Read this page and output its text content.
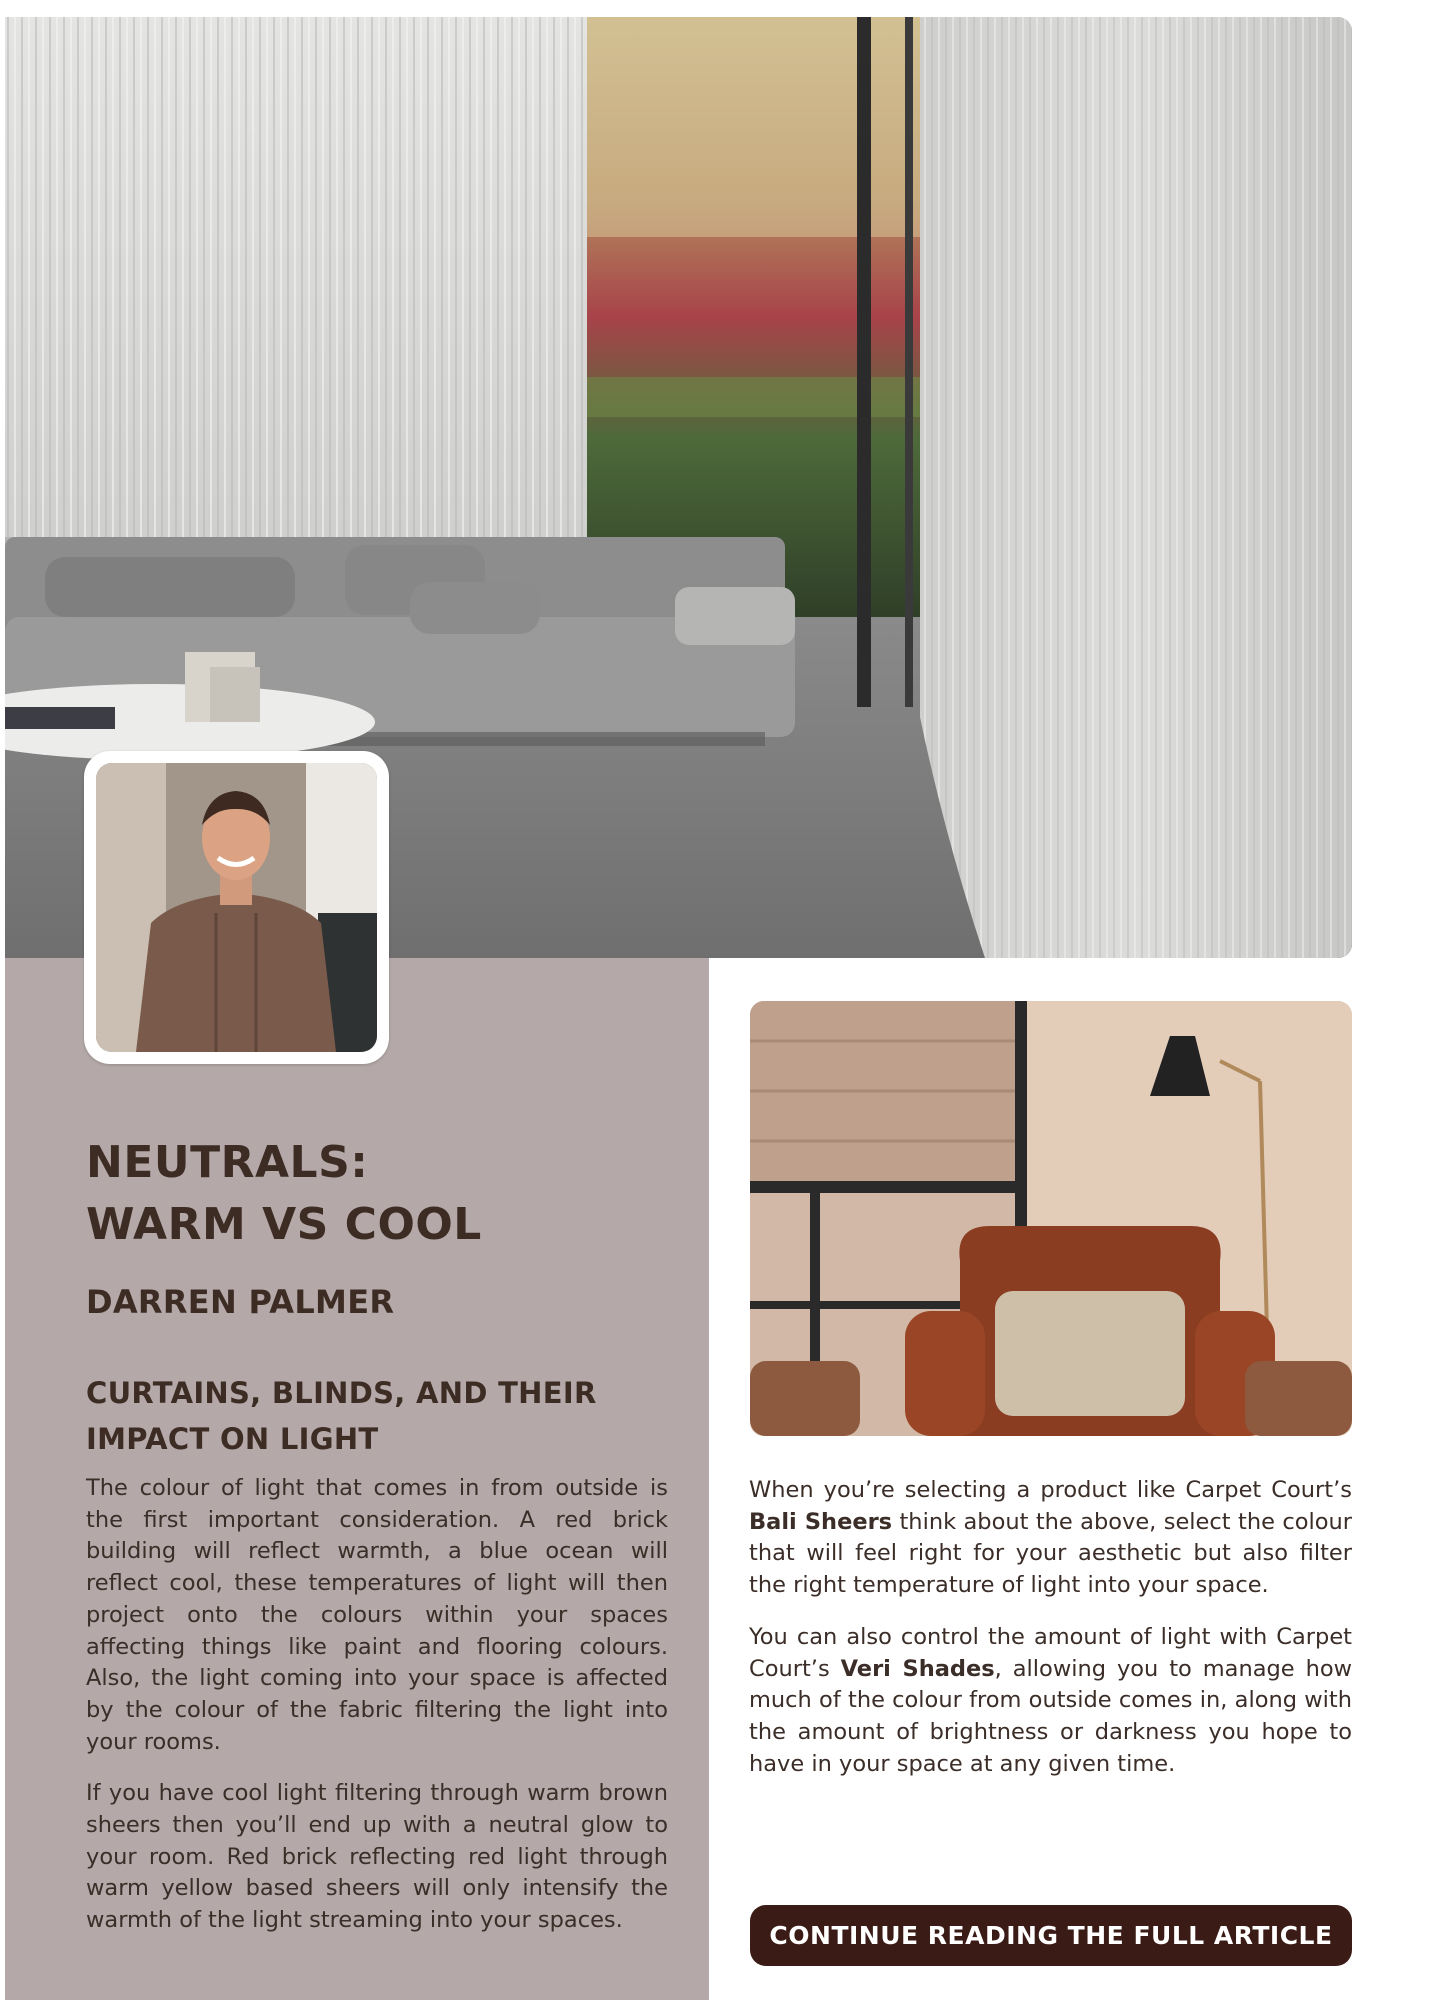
NEUTRALS:
WARM VS COOL
DARREN PALMER
CURTAINS, BLINDS, AND THEIR
IMPACT ON LIGHT

The colour of light that comes in from outside is the first important consideration. A red brick building will reflect warmth, a blue ocean will reflect cool, these temperatures of light will then project onto the colours within your spaces affecting things like paint and flooring colours. Also, the light coming into your space is affected by the colour of the fabric filtering the light into your rooms.

If you have cool light filtering through warm brown sheers then you’ll end up with a neutral glow to your room. Red brick reflecting red light through warm yellow based sheers will only intensify the warmth of the light streaming into your spaces.

When you’re selecting a product like Carpet Court’s Bali Sheers think about the above, select the colour that will feel right for your aesthetic but also filter the right temperature of light into your space.

You can also control the amount of light with Carpet Court’s Veri Shades, allowing you to manage how much of the colour from outside comes in, along with the amount of brightness or darkness you hope to have in your space at any given time.

CONTINUE READING THE FULL ARTICLE
